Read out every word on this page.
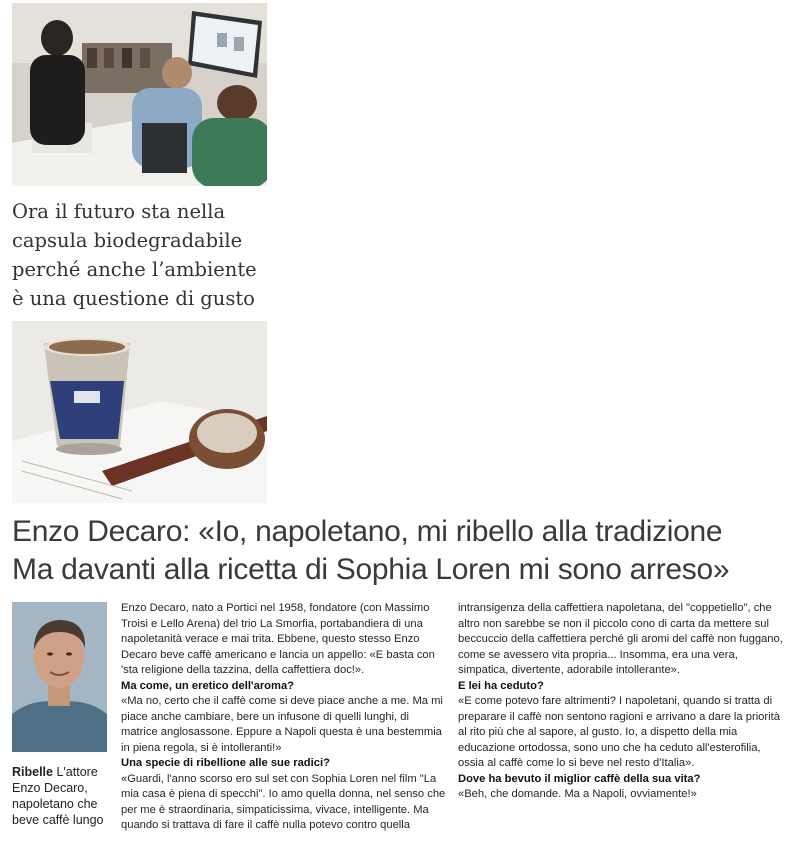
Ora il futuro sta nella
capsula biodegradabile
perché anche l’ambiente
è una questione di gusto
Enzo Decaro: «Io, napoletano, mi ribello alla tradizione
Ma davanti alla ricetta di Sophia Loren mi sono arreso»
Ribelle L'attore Enzo Decaro, napoletano che beve caffè lungo

Enzo Decaro, nato a Portici nel 1958, fondatore (con Massimo Troisi e Lello Arena) del trio La Smorfia, portabandiera di una napoletanità verace e mai trita. Ebbene, questo stesso Enzo Decaro beve caffè americano e lancia un appello: «E basta con 'sta religione della tazzina, della caffettiera doc!».

Ma come, un eretico dell'aroma?

«Ma no, certo che il caffè come si deve piace anche a me. Ma mi piace anche cambiare, bere un infusone di quelli lunghi, di matrice anglosassone. Eppure a Napoli questa è una bestemmia in piena regola, si è intolleranti!»

Una specie di ribellione alle sue radici?

«Guardi, l'anno scorso ero sul set con Sophia Loren nel film "La mia casa è piena di specchi". Io amo quella donna, nel senso che per me è straordinaria, simpaticissima, vivace, intelligente. Ma quando si trattava di fare il caffè nulla potevo contro quella

intransigenza della caffettiera napoletana, del "coppetiello", che altro non sarebbe se non il piccolo cono di carta da mettere sul beccuccio della caffettiera perché gli aromi del caffè non fuggano, come se avessero vita propria... Insomma, era una vera, simpatica, divertente, adorabile intollerante».

E lei ha ceduto?

«E come potevo fare altrimenti? I napoletani, quando si tratta di preparare il caffè non sentono ragioni e arrivano a dare la priorità al rito più che al sapore, al gusto. Io, a dispetto della mia educazione ortodossa, sono uno che ha ceduto all'esterofilia, ossia al caffè come lo si beve nel resto d'Italia».

Dove ha bevuto il miglior caffè della sua vita?

«Beh, che domande. Ma a Napoli, ovviamente!»
